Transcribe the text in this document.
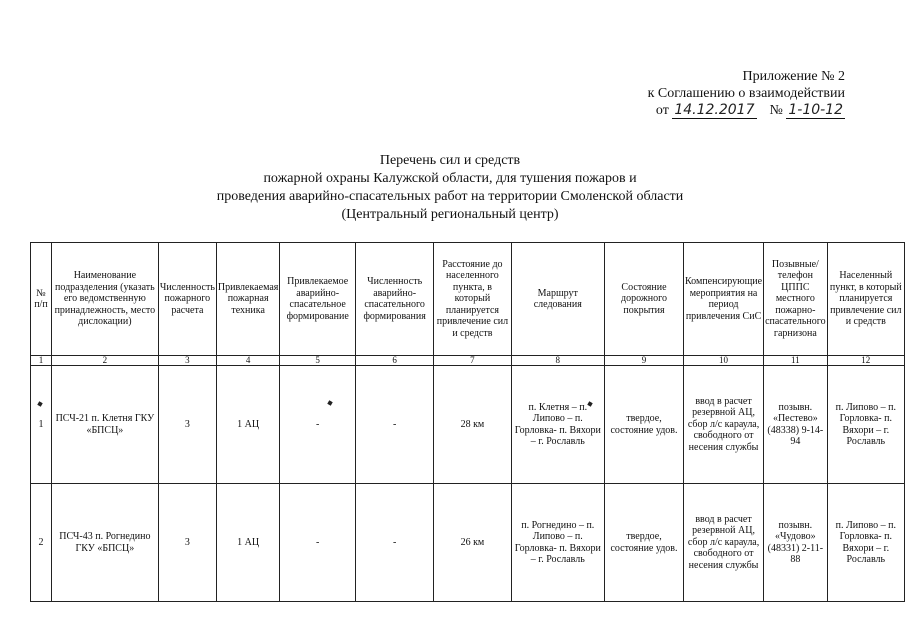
Приложение № 2
к Соглашению о взаимодействии
от 14.12.2017 № 1-10-12
Перечень сил и средств
пожарной охраны Калужской области, для тушения пожаров и
проведения аварийно-спасательных работ на территории Смоленской области
(Центральный региональный центр)
№ п/п	Наименование подразделения (указать его ведомственную принадлежность, место дислокации)	Численность пожарного расчета	Привлекаемая пожарная техника	Привлекаемое аварийно-спасательное формирование	Численность аварийно-спасательного формирования	Расстояние до населенного пункта, в который планируется привлечение сил и средств	Маршрут следования	Состояние дорожного покрытия	Компенсирующие мероприятия на период привлечения СиС	Позывные/ телефон ЦППС местного пожарно-спасательного гарнизона	Населенный пункт, в который планируется привлечение сил и средств
1	2	3	4	5	6	7	8	9	10	11	12
1	ПСЧ-21 п. Клетня ГКУ «БПСЦ»	3	1 АЦ	-	-	28 км	п. Клетня – п. Липово – п. Горловка- п. Вяхори – г. Рославль	твердое, состояние удов.	ввод в расчет резервной АЦ, сбор л/с караула, свободного от несения службы	позывн. «Пестево» (48338) 9-14-94	п. Липово – п. Горловка- п. Вяхори – г. Рославль
2	ПСЧ-43 п. Рогнедино ГКУ «БПСЦ»	3	1 АЦ	-	-	26 км	п. Рогнедино – п. Липово – п. Горловка- п. Вяхори – г. Рославль	твердое, состояние удов.	ввод в расчет резервной АЦ, сбор л/с караула, свободного от несения службы	позывн. «Чудово» (48331) 2-11-88	п. Липово – п. Горловка- п. Вяхори – г. Рославль
